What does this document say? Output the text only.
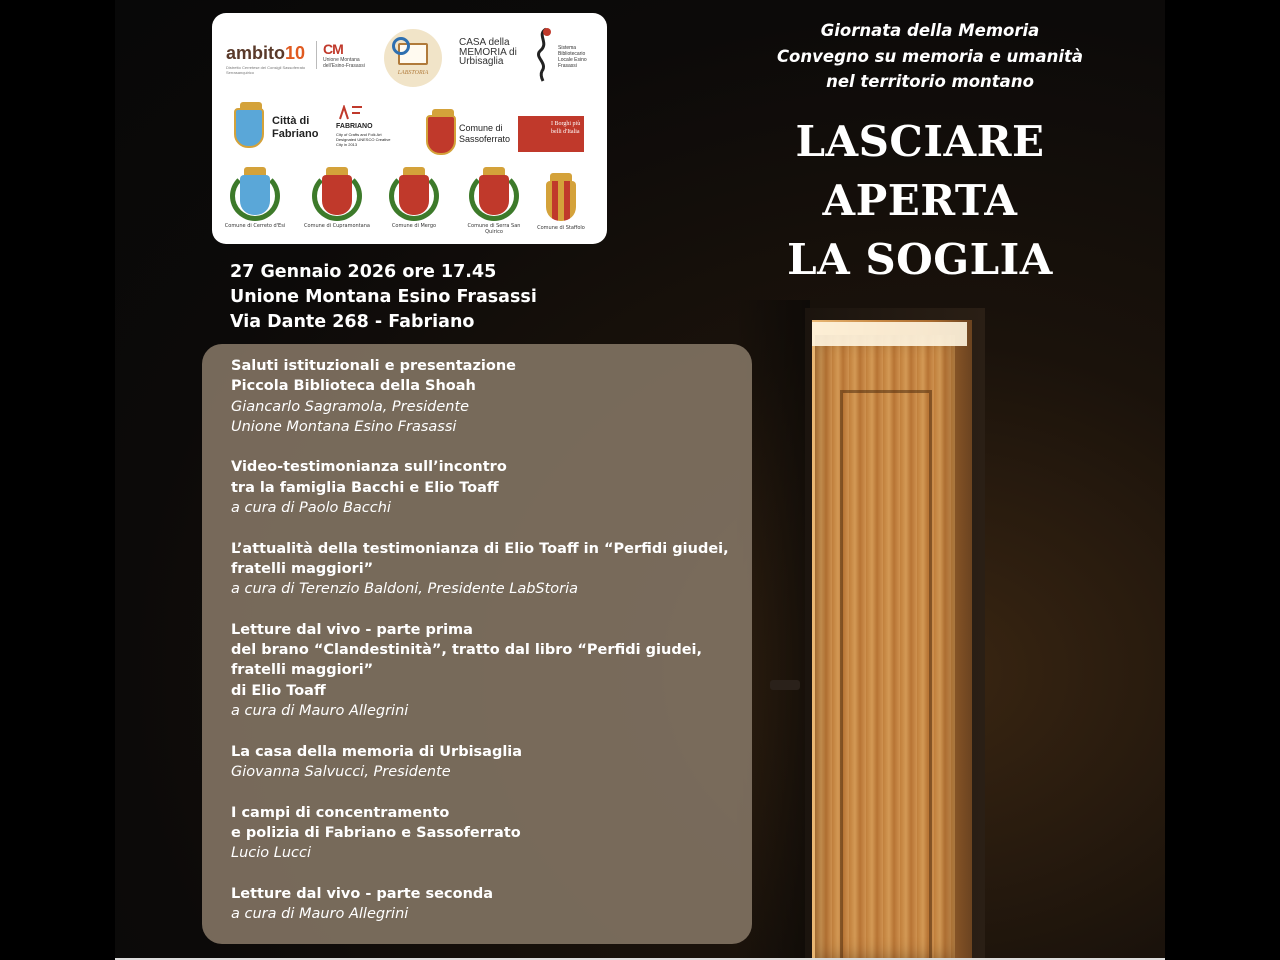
ambito10
Distretto Cerretese dei Consigli Sassoferrato Serrasanquirico
CM
Unione Montana dell'Esino-Frasassi
LABSTORIA
CASA della MEMORIA di Urbisaglia
Sistema Bibliotecario Locale Esino Frasassi
Città di Fabriano
FABRIANO
City of Crafts and Folk Art Designated UNESCO Creative City in 2013
Comune di Sassoferrato
I Borghi più belli d'Italia
Comune di Cerreto d'Esi	Comune di Cupramontana	Comune di Mergo	Comune di Serra San Quirico
Comune di Staffolo
27 Gennaio 2026 ore 17.45
Unione Montana Esino Frasassi
Via Dante 268 - Fabriano
Giornata della Memoria
Convegno su memoria e umanità
nel territorio montano
LASCIARE
APERTA
LA SOGLIA
Saluti istituzionali e presentazione
Piccola Biblioteca della Shoah
Giancarlo Sagramola, Presidente
Unione Montana Esino Frasassi
Video-testimonianza sull’incontro
tra la famiglia Bacchi e Elio Toaff
a cura di Paolo Bacchi
L’attualità della testimonianza di Elio Toaff in “Perfidi giudei,
fratelli maggiori”
a cura di Terenzio Baldoni, Presidente LabStoria
Letture dal vivo - parte prima
del brano “Clandestinità”, tratto dal libro “Perfidi giudei,
fratelli maggiori”
di Elio Toaff
a cura di Mauro Allegrini
La casa della memoria di Urbisaglia
Giovanna Salvucci, Presidente
I campi di concentramento
e polizia di Fabriano e Sassoferrato
Lucio Lucci
Letture dal vivo - parte seconda
a cura di Mauro Allegrini
